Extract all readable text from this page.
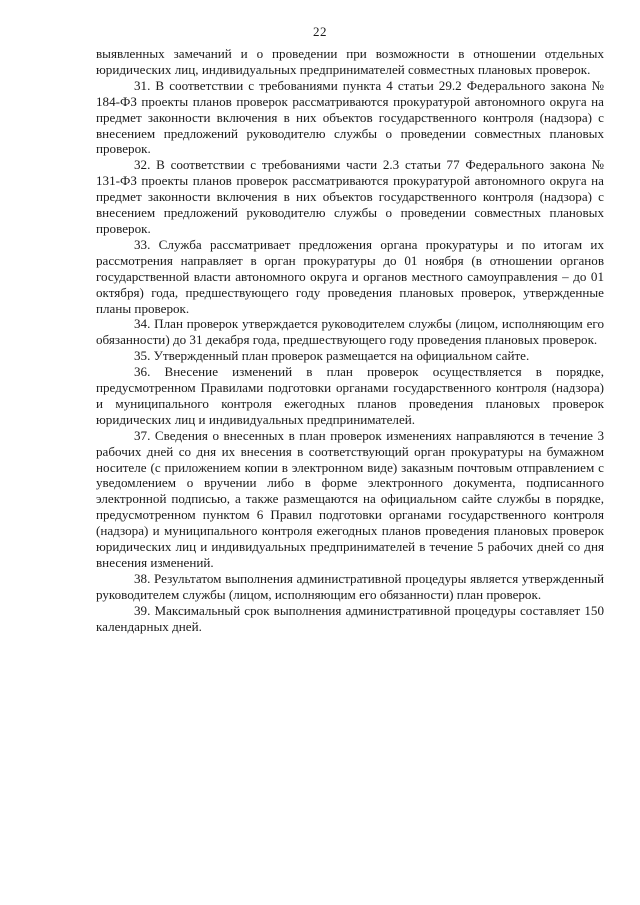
22

выявленных замечаний и о проведении при возможности в отношении отдельных юридических лиц, индивидуальных предпринимателей совместных плановых проверок.

31. В соответствии с требованиями пункта 4 статьи 29.2 Федерального закона № 184-ФЗ проекты планов проверок рассматриваются прокуратурой автономного округа на предмет законности включения в них объектов государственного контроля (надзора) с внесением предложений руководителю службы о проведении совместных плановых проверок.

32. В соответствии с требованиями части 2.3 статьи 77 Федерального закона № 131-ФЗ проекты планов проверок рассматриваются прокуратурой автономного округа на предмет законности включения в них объектов государственного контроля (надзора) с внесением предложений руководителю службы о проведении совместных плановых проверок.

33. Служба рассматривает предложения органа прокуратуры и по итогам их рассмотрения направляет в орган прокуратуры до 01 ноября (в отношении органов государственной власти автономного округа и органов местного самоуправления – до 01 октября) года, предшествующего году проведения плановых проверок, утвержденные планы проверок.

34. План проверок утверждается руководителем службы (лицом, исполняющим его обязанности) до 31 декабря года, предшествующего году проведения плановых проверок.

35. Утвержденный план проверок размещается на официальном сайте.

36. Внесение изменений в план проверок осуществляется в порядке, предусмотренном Правилами подготовки органами государственного контроля (надзора) и муниципального контроля ежегодных планов проведения плановых проверок юридических лиц и индивидуальных предпринимателей.

37. Сведения о внесенных в план проверок изменениях направляются в течение 3 рабочих дней со дня их внесения в соответствующий орган прокуратуры на бумажном носителе (с приложением копии в электронном виде) заказным почтовым отправлением с уведомлением о вручении либо в форме электронного документа, подписанного электронной подписью, а также размещаются на официальном сайте службы в порядке, предусмотренном пунктом 6 Правил подготовки органами государственного контроля (надзора) и муниципального контроля ежегодных планов проведения плановых проверок юридических лиц и индивидуальных предпринимателей в течение 5 рабочих дней со дня внесения изменений.

38. Результатом выполнения административной процедуры является утвержденный руководителем службы (лицом, исполняющим его обязанности) план проверок.

39. Максимальный срок выполнения административной процедуры составляет 150 календарных дней.
